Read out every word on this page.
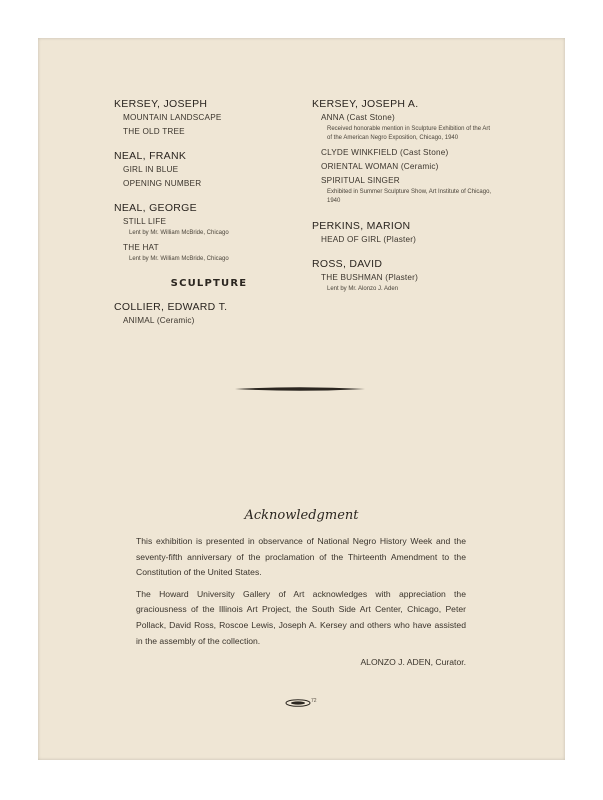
KERSEY, JOSEPH
MOUNTAIN LANDSCAPE
THE OLD TREE
NEAL, FRANK
GIRL IN BLUE
OPENING NUMBER
NEAL, GEORGE
STILL LIFE
Lent by Mr. William McBride, Chicago
THE HAT
Lent by Mr. William McBride, Chicago
SCULPTURE
COLLIER, EDWARD T.
ANIMAL (Ceramic)
KERSEY, JOSEPH A.
ANNA (Cast Stone)
Received honorable mention in Sculpture Exhibition of the Art of the American Negro Exposition, Chicago, 1940
CLYDE WINKFIELD (Cast Stone)
ORIENTAL WOMAN (Ceramic)
SPIRITUAL SINGER
Exhibited in Summer Sculpture Show, Art Institute of Chicago, 1940
PERKINS, MARION
HEAD OF GIRL (Plaster)
ROSS, DAVID
THE BUSHMAN (Plaster)
Lent by Mr. Alonzo J. Aden
Acknowledgment

This exhibition is presented in observance of National Negro History Week and the seventy-fifth anniversary of the proclamation of the Thirteenth Amendment to the Constitution of the United States.

The Howard University Gallery of Art acknowledges with appreciation the graciousness of the Illinois Art Project, the South Side Art Center, Chicago, Peter Pollack, David Ross, Roscoe Lewis, Joseph A. Kersey and others who have assisted in the assembly of the collection.

ALONZO J. ADEN, Curator.
72
